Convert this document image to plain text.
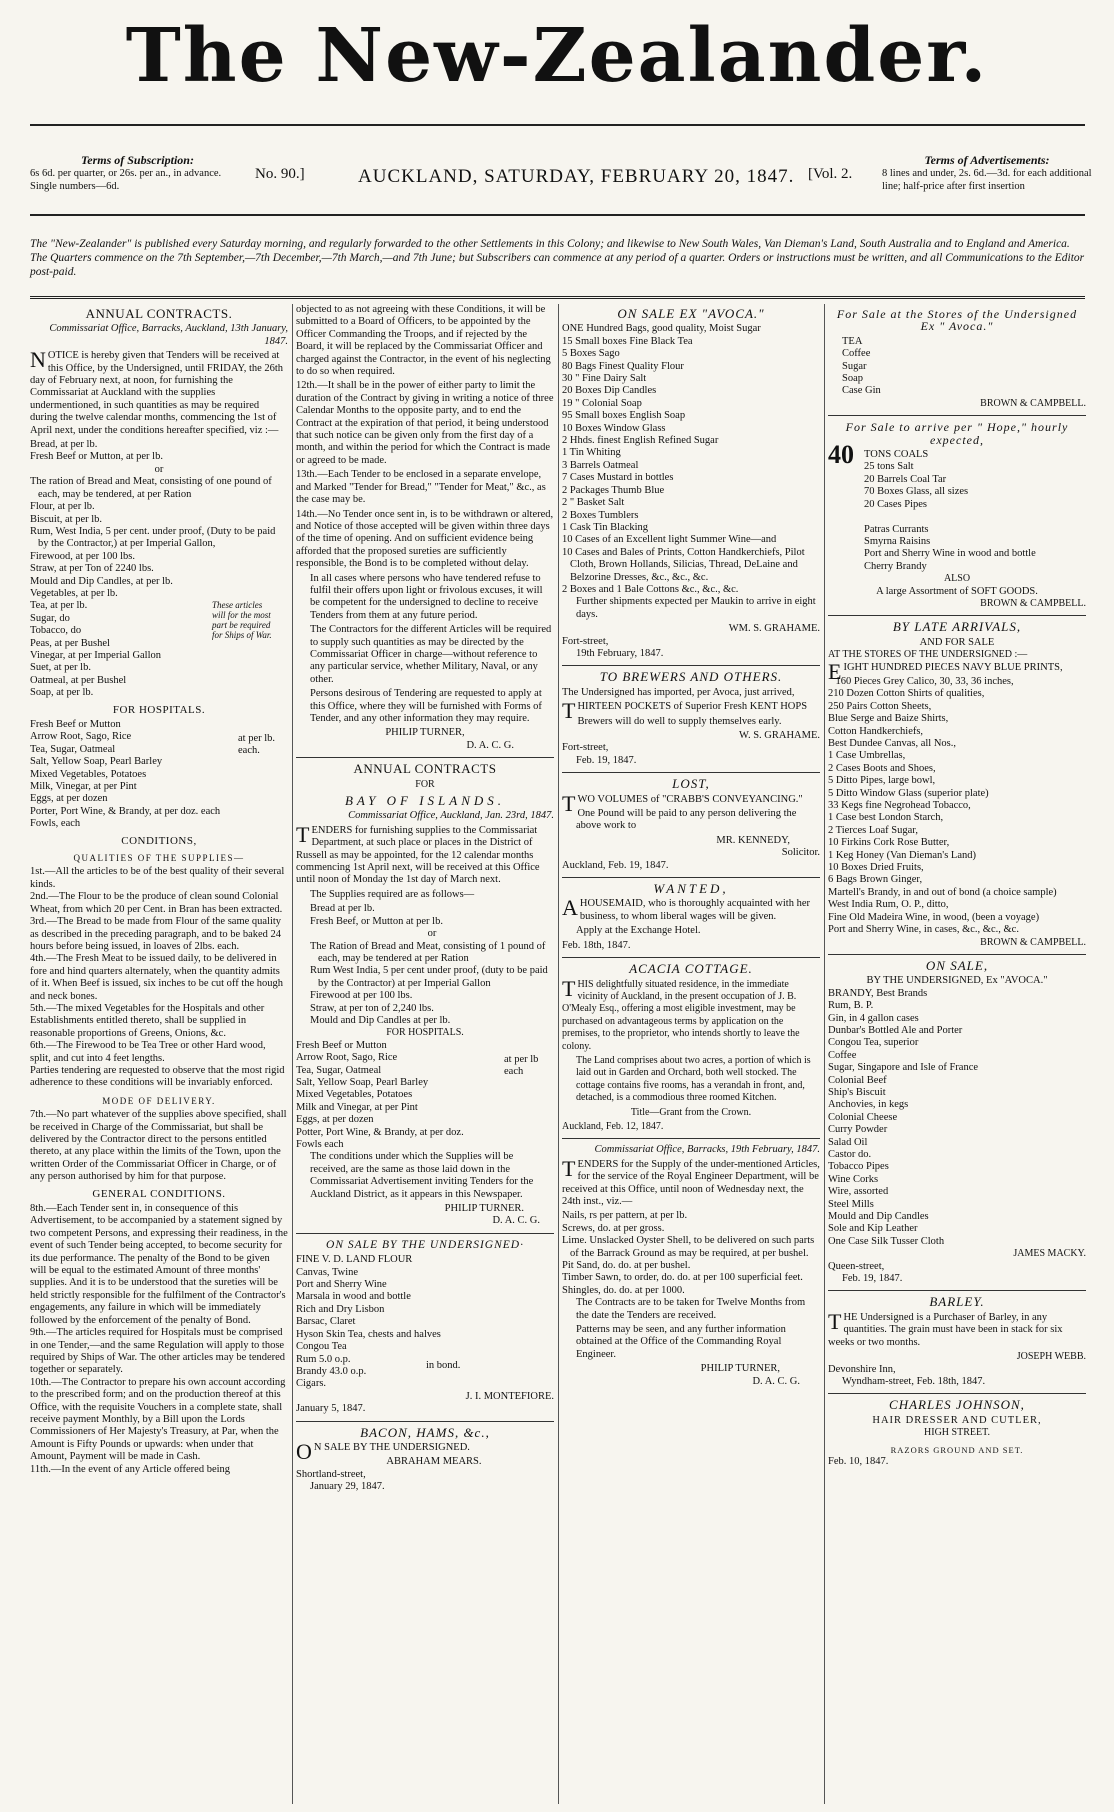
The New-Zealander.
Terms of Subscription:
6s 6d. per quarter, or 26s. per an., in advance. Single numbers—6d.
No. 90.]	AUCKLAND, SATURDAY, FEBRUARY 20, 1847. [Vol. 2.
Terms of Advertisements:
8 lines and under, 2s. 6d.—3d. for each additional line; half-price after first insertion
The "New-Zealander" is published every Saturday morning, and regularly forwarded to the other Settlements in this Colony; and likewise to New South Wales, Van Dieman's Land, South Australia and to England and America. The Quarters commence on the 7th September,—7th December,—7th March,—and 7th June; but Subscribers can commence at any period of a quarter. Orders or instructions must be written, and all Communications to the Editor post-paid.
ANNUAL CONTRACTS.

Commissariat Office, Barracks, Auckland, 13th January, 1847.

NOTICE is hereby given that Tenders will be received at this Office, by the Undersigned, until FRIDAY, the 26th day of February next, at noon, for furnishing the Commissariat at Auckland with the supplies undermentioned, in such quantities as may be required during the twelve calendar months, commencing the 1st of April next, under the conditions hereafter specified, viz :—

Bread, at per lb.
Fresh Beef or Mutton, at per lb.
or
The ration of Bread and Meat, consisting of one pound of each, may be tendered, at per Ration
Flour, at per lb.
Biscuit, at per lb.
Rum, West India, 5 per cent. under proof, (Duty to be paid by the Contractor,) at per Imperial Gallon,
Firewood, at per 100 lbs.
Straw, at per Ton of 2240 lbs.
Mould and Dip Candles, at per lb.
Vegetables, at per lb.
Tea, at per lb.
Sugar, do
Tobacco, do
Peas, at per Bushel
Vinegar, at per Imperial Gallon
Suet, at per lb.
Oatmeal, at per Bushel
Soap, at per lb.
These articles will for the most part be required for Ships of War.
FOR HOSPITALS.
Fresh Beef or Mutton
Arrow Root, Sago, Rice
Tea, Sugar, Oatmeal
Salt, Yellow Soap, Pearl Barley
Mixed Vegetables, Potatoes
Milk, Vinegar, at per Pint
Eggs, at per dozen
Porter, Port Wine, & Brandy, at per doz. each
Fowls, each
at per lb. each.
CONDITIONS,
QUALITIES OF THE SUPPLIES—
1st.—All the articles to be of the best quality of their several kinds.
2nd.—The Flour to be the produce of clean sound Colonial Wheat, from which 20 per Cent. in Bran has been extracted.
3rd.—The Bread to be made from Flour of the same quality as described in the preceding paragraph, and to be baked 24 hours before being issued, in loaves of 2lbs. each.
4th.—The Fresh Meat to be issued daily, to be delivered in fore and hind quarters alternately, when the quantity admits of it. When Beef is issued, six inches to be cut off the hough and neck bones.
5th.—The mixed Vegetables for the Hospitals and other Establishments entitled thereto, shall be supplied in reasonable proportions of Greens, Onions, &c.
6th.—The Firewood to be Tea Tree or other Hard wood, split, and cut into 4 feet lengths.
Parties tendering are requested to observe that the most rigid adherence to these conditions will be invariably enforced.
MODE OF DELIVERY.

7th.—No part whatever of the supplies above specified, shall be received in Charge of the Commissariat, but shall be delivered by the Contractor direct to the persons entitled thereto, at any place within the limits of the Town, upon the written Order of the Commissariat Officer in Charge, or of any person authorised by him for that purpose.

GENERAL CONDITIONS.
8th.—Each Tender sent in, in consequence of this Advertisement, to be accompanied by a statement signed by two competent Persons, and expressing their readiness, in the event of such Tender being accepted, to become security for its due performance. The penalty of the Bond to be given will be equal to the estimated Amount of three months' supplies. And it is to be understood that the sureties will be held strictly responsible for the fulfilment of the Contractor's engagements, any failure in which will be immediately followed by the enforcement of the penalty of Bond.
9th.—The articles required for Hospitals must be comprised in one Tender,—and the same Regulation will apply to those required by Ships of War. The other articles may be tendered together or separately.
10th.—The Contractor to prepare his own account according to the prescribed form; and on the production thereof at this Office, with the requisite Vouchers in a complete state, shall receive payment Monthly, by a Bill upon the Lords Commissioners of Her Majesty's Treasury, at Par, when the Amount is Fifty Pounds or upwards: when under that Amount, Payment will be made in Cash.
11th.—In the event of any Article offered being

objected to as not agreeing with these Conditions, it will be submitted to a Board of Officers, to be appointed by the Officer Commanding the Troops, and if rejected by the Board, it will be replaced by the Commissariat Officer and charged against the Contractor, in the event of his neglecting to do so when required.

12th.—It shall be in the power of either party to limit the duration of the Contract by giving in writing a notice of three Calendar Months to the opposite party, and to end the Contract at the expiration of that period, it being understood that such notice can be given only from the first day of a month, and within the period for which the Contract is made or agreed to be made.

13th.—Each Tender to be enclosed in a separate envelope, and Marked "Tender for Bread," "Tender for Meat," &c., as the case may be.

14th.—No Tender once sent in, is to be withdrawn or altered, and Notice of those accepted will be given within three days of the time of opening. And on sufficient evidence being afforded that the proposed sureties are sufficiently responsible, the Bond is to be completed without delay.

In all cases where persons who have tendered refuse to fulfil their offers upon light or frivolous excuses, it will be competent for the undersigned to decline to receive Tenders from them at any future period.

The Contractors for the different Articles will be required to supply such quantities as may be directed by the Commissariat Officer in charge—without reference to any particular service, whether Military, Naval, or any other.

Persons desirous of Tendering are requested to apply at this Office, where they will be furnished with Forms of Tender, and any other information they may require.

PHILIP TURNER,
D. A. C. G.
ANNUAL CONTRACTS
FOR
BAY OF ISLANDS.

Commissariat Office, Auckland, Jan. 23rd, 1847.

TENDERS for furnishing supplies to the Commissariat Department, at such place or places in the District of Russell as may be appointed, for the 12 calendar months commencing 1st April next, will be received at this Office until noon of Monday the 1st day of March next.

The Supplies required are as follows—

Bread at per lb.
Fresh Beef, or Mutton at per lb.
or
The Ration of Bread and Meat, consisting of 1 pound of each, may be tendered at per Ration
Rum West India, 5 per cent under proof, (duty to be paid by the Contractor) at per Imperial Gallon
Firewood at per 100 lbs.
Straw, at per ton of 2,240 lbs.
Mould and Dip Candles at per lb.
FOR HOSPITALS.
Fresh Beef or Mutton
Arrow Root, Sago, Rice
Tea, Sugar, Oatmeal
Salt, Yellow Soap, Pearl Barley
Mixed Vegetables, Potatoes
Milk and Vinegar, at per Pint
Eggs, at per dozen
Potter, Port Wine, & Brandy, at per doz.
Fowls each
at per lb each

The conditions under which the Supplies will be received, are the same as those laid down in the Commissariat Advertisement inviting Tenders for the Auckland District, as it appears in this Newspaper.

PHILIP TURNER.
D. A. C. G.
ON SALE BY THE UNDERSIGNED·
FINE V. D. LAND FLOUR
Canvas, Twine
Port and Sherry Wine
Marsala in wood and bottle
Rich and Dry Lisbon
Barsac, Claret
Hyson Skin Tea, chests and halves
Congou Tea
Rum 5.0 o.p.
Brandy 43.0 o.p.
Cigars.
in bond.
J. I. MONTEFIORE.
January 5, 1847.
BACON, HAMS, &c.,

ON SALE BY THE UNDERSIGNED.

ABRAHAM MEARS.
Shortland-street,
January 29, 1847.
ON SALE EX "AVOCA."
ONE Hundred Bags, good quality, Moist Sugar
15 Small boxes Fine Black Tea
5 Boxes Sago
80 Bags Finest Quality Flour
30 " Fine Dairy Salt
20 Boxes Dip Candles
19 " Colonial Soap
95 Small boxes English Soap
10 Boxes Window Glass
2 Hhds. finest English Refined Sugar
1 Tin Whiting
3 Barrels Oatmeal
7 Cases Mustard in bottles
2 Packages Thumb Blue
2 " Basket Salt
2 Boxes Tumblers
1 Cask Tin Blacking
10 Cases of an Excellent light Summer Wine—and
10 Cases and Bales of Prints, Cotton Handkerchiefs, Pilot Cloth, Brown Hollands, Silicias, Thread, DeLaine and Belzorine Dresses, &c., &c., &c.
2 Boxes and 1 Bale Cottons &c., &c., &c.

Further shipments expected per Maukin to arrive in eight days.

WM. S. GRAHAME.
Fort-street,
19th February, 1847.
TO BREWERS AND OTHERS.

The Undersigned has imported, per Avoca, just arrived,

THIRTEEN POCKETS of Superior Fresh KENT HOPS

Brewers will do well to supply themselves early.

W. S. GRAHAME.
Fort-street,
Feb. 19, 1847.
LOST,

TWO VOLUMES of "CRABB'S CONVEYANCING."

One Pound will be paid to any person delivering the above work to

MR. KENNEDY,
Solicitor.
Auckland, Feb. 19, 1847.
WANTED,

AHOUSEMAID, who is thoroughly acquainted with her business, to whom liberal wages will be given.

Apply at the Exchange Hotel.

Feb. 18th, 1847.
ACACIA COTTAGE.

THIS delightfully situated residence, in the immediate vicinity of Auckland, in the present occupation of J. B. O'Mealy Esq., offering a most eligible investment, may be purchased on advantageous terms by application on the premises, to the proprietor, who intends shortly to leave the colony.

The Land comprises about two acres, a portion of which is laid out in Garden and Orchard, both well stocked. The cottage contains five rooms, has a verandah in front, and, detached, is a commodious three roomed Kitchen.

Title—Grant from the Crown.

Auckland, Feb. 12, 1847.

Commissariat Office, Barracks, 19th February, 1847.

TENDERS for the Supply of the under-mentioned Articles, for the service of the Royal Engineer Department, will be received at this Office, until noon of Wednesday next, the 24th inst., viz.—

Nails, rs per pattern, at per lb.
Screws, do. at per gross.
Lime. Unslacked Oyster Shell, to be delivered on such parts of the Barrack Ground as may be required, at per bushel.
Pit Sand, do. do. at per bushel.
Timber Sawn, to order, do. do. at per 100 superficial feet.
Shingles, do. do. at per 1000.

The Contracts are to be taken for Twelve Months from the date the Tenders are received.

Patterns may be seen, and any further information obtained at the Office of the Commanding Royal Engineer.

PHILIP TURNER,
D. A. C. G.
For Sale at the Stores of the Undersigned Ex " Avoca."
TEA
Coffee
Sugar
Soap
Case Gin
BROWN & CAMPBELL.
For Sale to arrive per " Hope," hourly expected,
40 TONS COALS
25 tons Salt
20 Barrels Coal Tar
70 Boxes Glass, all sizes
20 Cases Pipes

Patras Currants
Smyrna Raisins
Port and Sherry Wine in wood and bottle
Cherry Brandy
ALSO
A large Assortment of SOFT GOODS.
BROWN & CAMPBELL.
BY LATE ARRIVALS,
AND FOR SALE
AT THE STORES OF THE UNDERSIGNED :—

EIGHT HUNDRED PIECES NAVY BLUE PRINTS,

160 Pieces Grey Calico, 30, 33, 36 inches,
210 Dozen Cotton Shirts of qualities,
250 Pairs Cotton Sheets,
Blue Serge and Baize Shirts,
Cotton Handkerchiefs,
Best Dundee Canvas, all Nos.,
1 Case Umbrellas,
2 Cases Boots and Shoes,
5 Ditto Pipes, large bowl,
5 Ditto Window Glass (superior plate)
33 Kegs fine Negrohead Tobacco,
1 Case best London Starch,
2 Tierces Loaf Sugar,
10 Firkins Cork Rose Butter,
1 Keg Honey (Van Dieman's Land)
10 Boxes Dried Fruits,
6 Bags Brown Ginger,
Martell's Brandy, in and out of bond (a choice sample)
West India Rum, O. P., ditto,
Fine Old Madeira Wine, in wood, (been a voyage)
Port and Sherry Wine, in cases, &c., &c., &c.
BROWN & CAMPBELL.
ON SALE,
BY THE UNDERSIGNED, Ex "AVOCA."
BRANDY, Best Brands
Rum, B. P.
Gin, in 4 gallon cases
Dunbar's Bottled Ale and Porter
Congou Tea, superior
Coffee
Sugar, Singapore and Isle of France
Colonial Beef
Ship's Biscuit
Anchovies, in kegs
Colonial Cheese
Curry Powder
Salad Oil
Castor do.
Tobacco Pipes
Wine Corks
Wire, assorted
Steel Mills
Mould and Dip Candles
Sole and Kip Leather
One Case Silk Tusser Cloth
JAMES MACKY.
Queen-street,
Feb. 19, 1847.
BARLEY.

THE Undersigned is a Purchaser of Barley, in any quantities. The grain must have been in stack for six weeks or two months.

JOSEPH WEBB.
Devonshire Inn,
Wyndham-street, Feb. 18th, 1847.
CHARLES JOHNSON,
HAIR DRESSER AND CUTLER,
HIGH STREET.
RAZORS GROUND AND SET.
Feb. 10, 1847.
